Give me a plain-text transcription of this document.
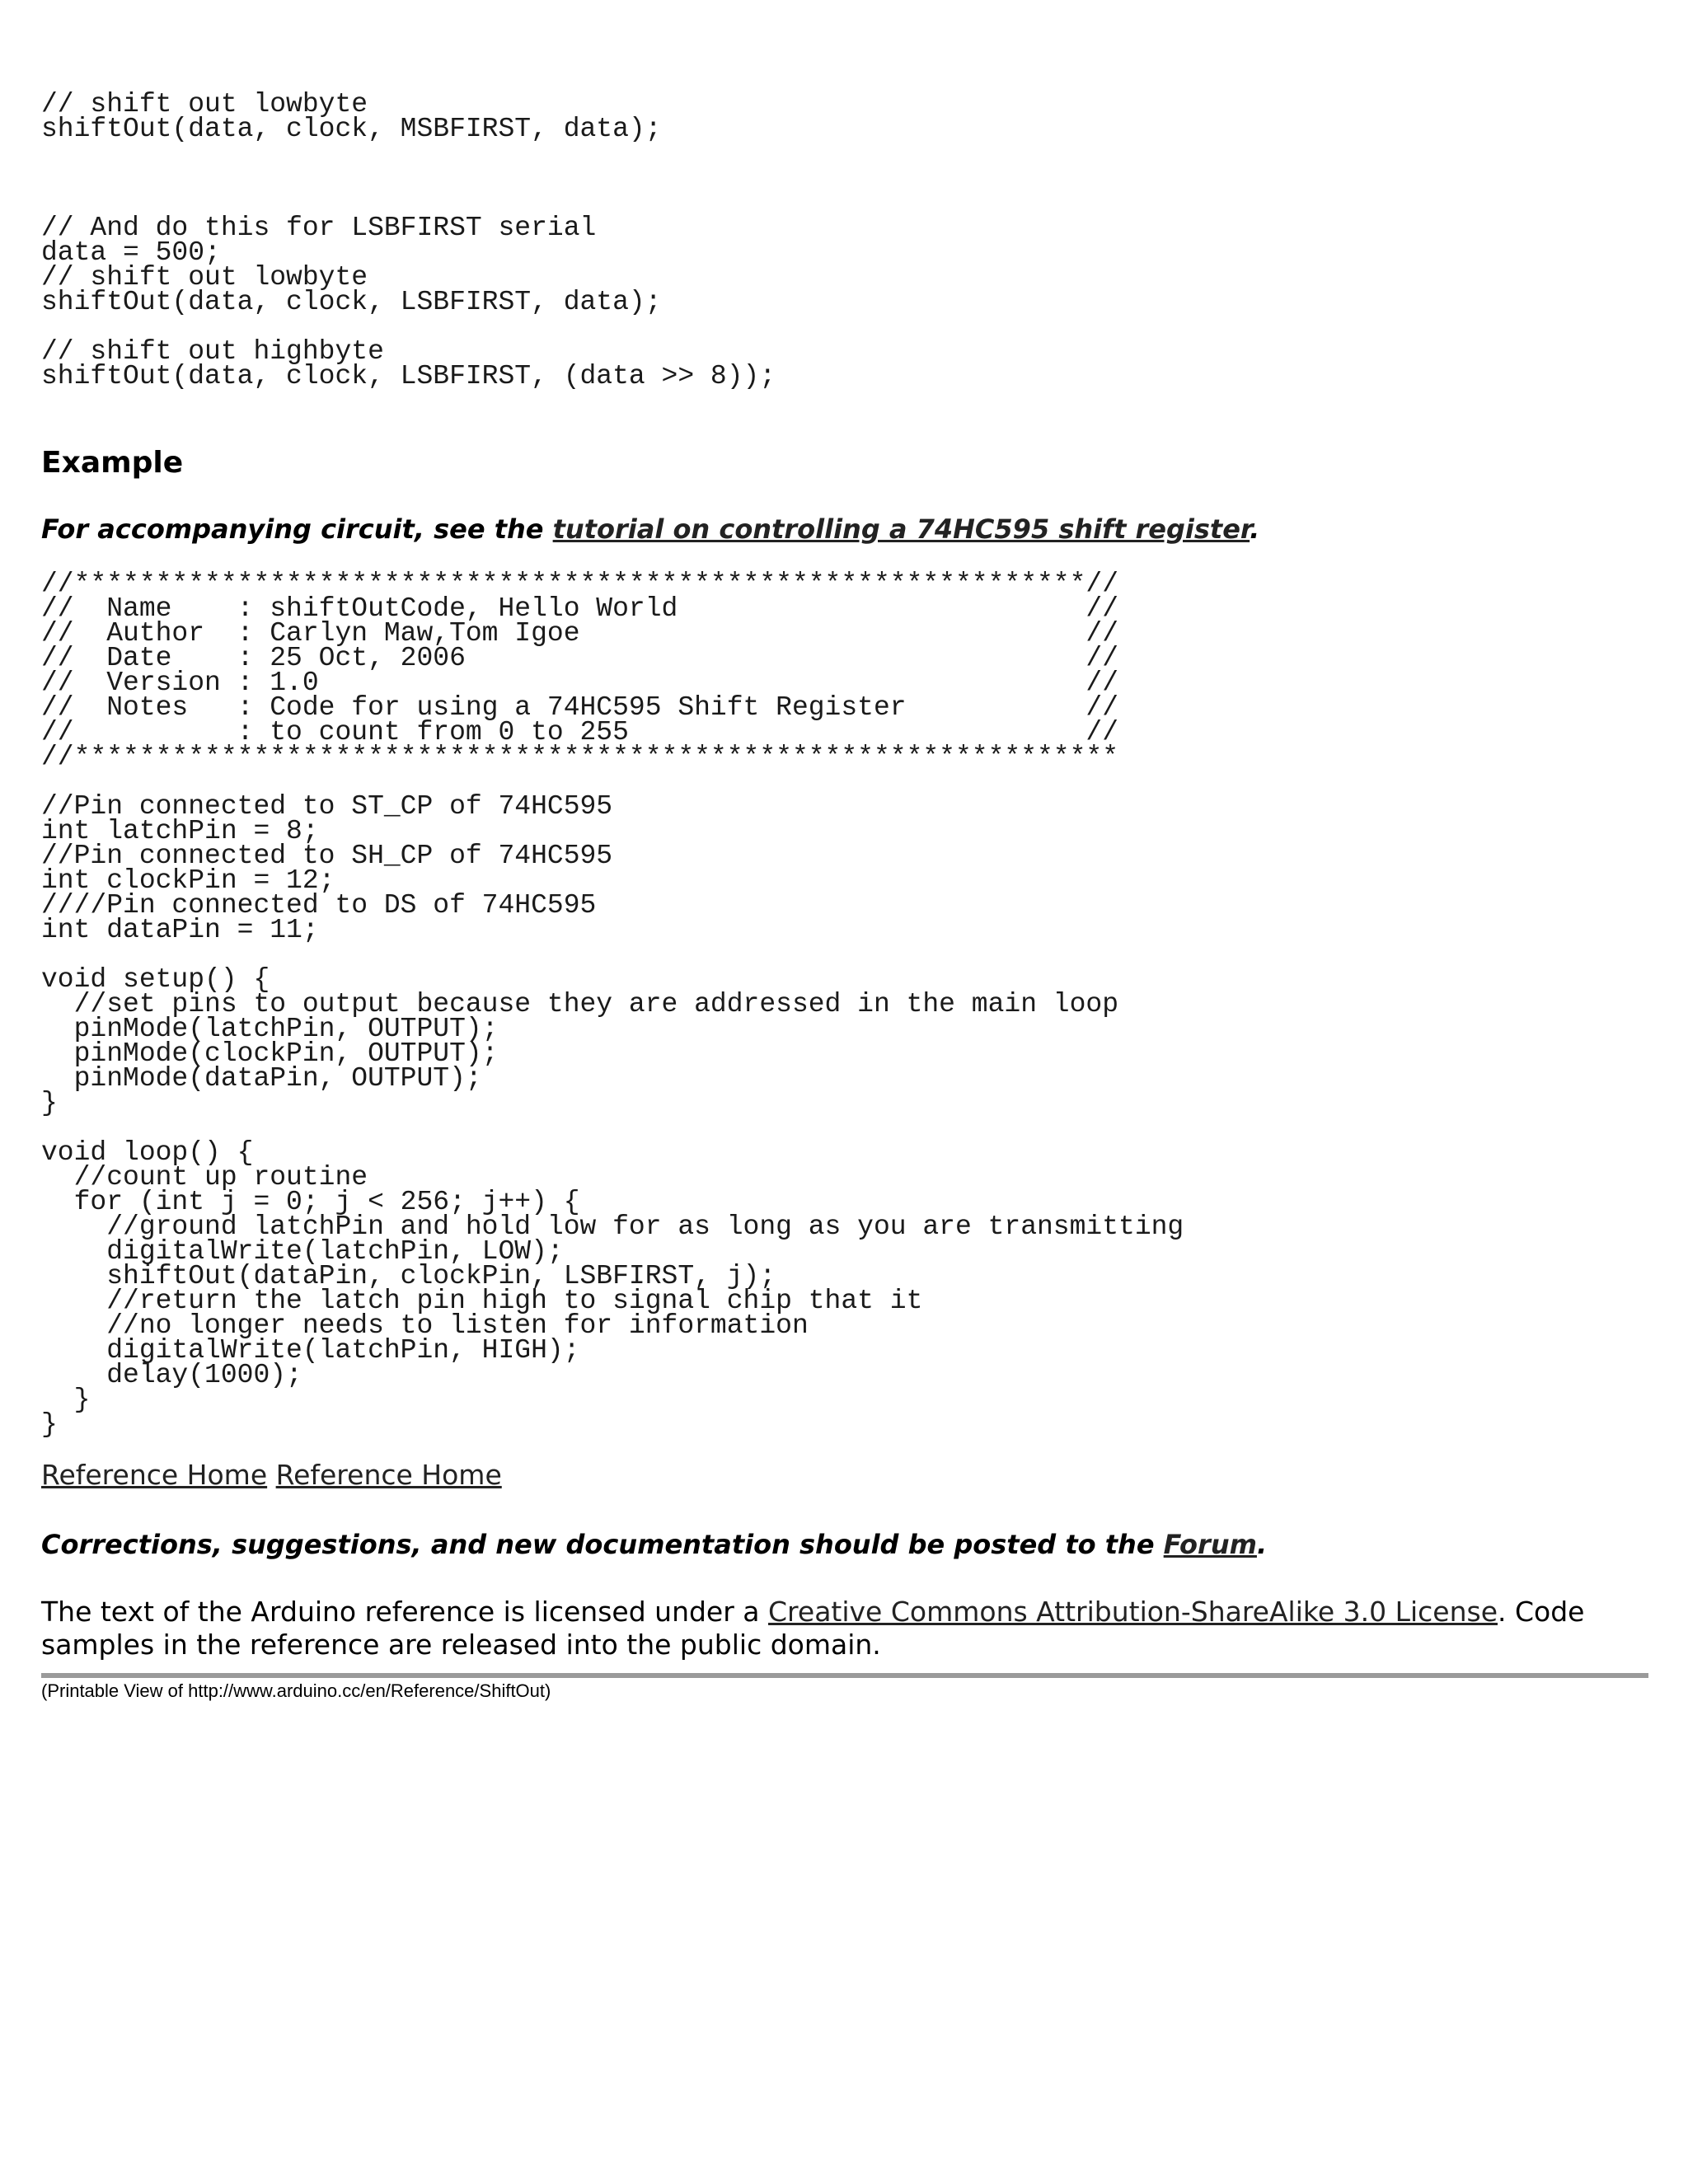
// shift out lowbyte
shiftOut(data, clock, MSBFIRST, data);
// And do this for LSBFIRST serial
data = 500;
// shift out lowbyte
shiftOut(data, clock, LSBFIRST, data);

// shift out highbyte
shiftOut(data, clock, LSBFIRST, (data >> 8));
Example

For accompanying circuit, see the tutorial on controlling a 74HC595 shift register.

//**************************************************************//
//  Name    : shiftOutCode, Hello World                         //
//  Author  : Carlyn Maw,Tom Igoe                               //
//  Date    : 25 Oct, 2006                                      //
//  Version : 1.0                                               //
//  Notes   : Code for using a 74HC595 Shift Register           //
//          : to count from 0 to 255                            //
//****************************************************************

//Pin connected to ST_CP of 74HC595
int latchPin = 8;
//Pin connected to SH_CP of 74HC595
int clockPin = 12;
////Pin connected to DS of 74HC595
int dataPin = 11;

void setup() {
//set pins to output because they are addressed in the main loop
pinMode(latchPin, OUTPUT);
pinMode(clockPin, OUTPUT);
pinMode(dataPin, OUTPUT);
}

void loop() {
//count up routine
for (int j = 0; j < 256; j++) {
//ground latchPin and hold low for as long as you are transmitting
digitalWrite(latchPin, LOW);
shiftOut(dataPin, clockPin, LSBFIRST, j);
//return the latch pin high to signal chip that it
//no longer needs to listen for information
digitalWrite(latchPin, HIGH);
delay(1000);
}
}

Reference Home Reference Home

Corrections, suggestions, and new documentation should be posted to the Forum.

The text of the Arduino reference is licensed under a Creative Commons Attribution-ShareAlike 3.0 License. Code samples in the reference are released into the public domain.

(Printable View of http://www.arduino.cc/en/Reference/ShiftOut)
